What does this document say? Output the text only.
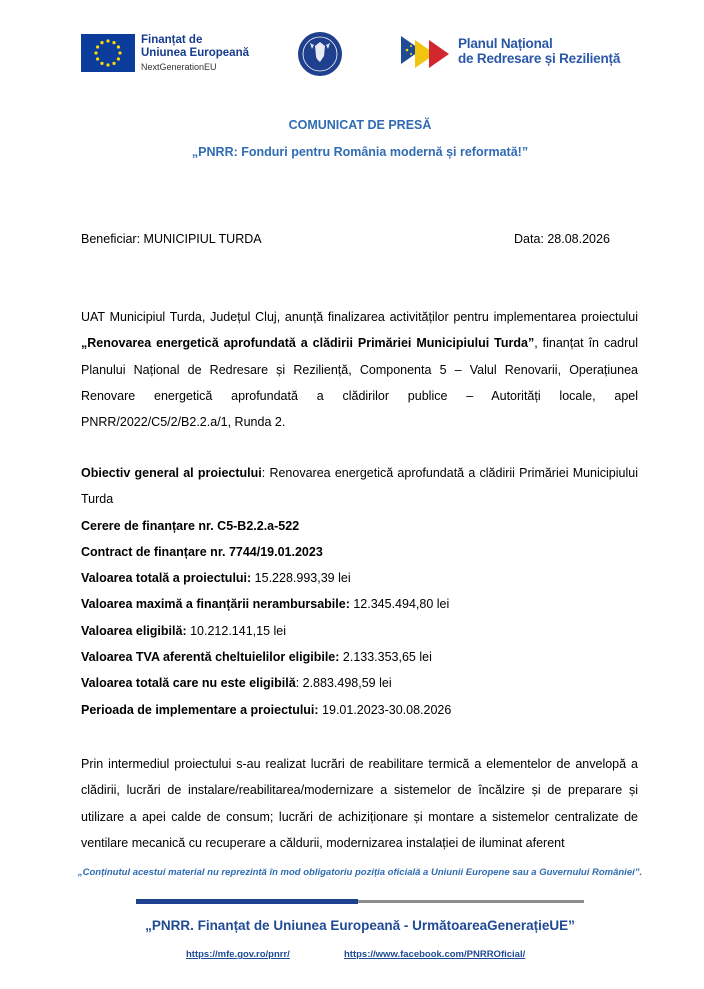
Finanțat de
Uniunea Europeană
NextGenerationEU
Planul Național
de Redresare și Reziliență
COMUNICAT DE PRESĂ
„PNRR: Fonduri pentru România modernă și reformată!”
Beneficiar: MUNICIPIUL TURDA	Data: 28.08.2026
UAT Municipiul Turda, Județul Cluj, anunță finalizarea activităților pentru implementarea proiectului „Renovarea energetică aprofundată a clădirii Primăriei Municipiului Turda”, finanțat în cadrul Planului Național de Redresare și Reziliență, Componenta 5 – Valul Renovarii, Operațiunea Renovare energetică aprofundată a clădirilor publice – Autorități locale, apel PNRR/2022/C5/2/B2.2.a/1, Runda 2.
Obiectiv general al proiectului: Renovarea energetică aprofundată a clădirii Primăriei Municipiului Turda
Cerere de finanțare nr. C5-B2.2.a-522
Contract de finanțare nr. 7744/19.01.2023
Valoarea totală a proiectului: 15.228.993,39 lei
Valoarea maximă a finanțării nerambursabile: 12.345.494,80 lei
Valoarea eligibilă: 10.212.141,15 lei
Valoarea TVA aferentă cheltuielilor eligibile: 2.133.353,65 lei
Valoarea totală care nu este eligibilă: 2.883.498,59 lei
Perioada de implementare a proiectului: 19.01.2023-30.08.2026
Prin intermediul proiectului s-au realizat lucrări de reabilitare termică a elementelor de anvelopă a clădirii, lucrări de instalare/reabilitarea/modernizare a sistemelor de încălzire și de preparare și utilizare a apei calde de consum; lucrări de achiziționare și montare a sistemelor centralizate de ventilare mecanică cu recuperare a căldurii, modernizarea instalației de iluminat aferent
„Conținutul acestui material nu reprezintă în mod obligatoriu poziția oficială a Uniunii Europene sau a Guvernului României”.
„PNRR. Finanțat de Uniunea Europeană - UrmătoareaGenerațieUE”
https://mfe.gov.ro/pnrr/	https://www.facebook.com/PNRROficial/
